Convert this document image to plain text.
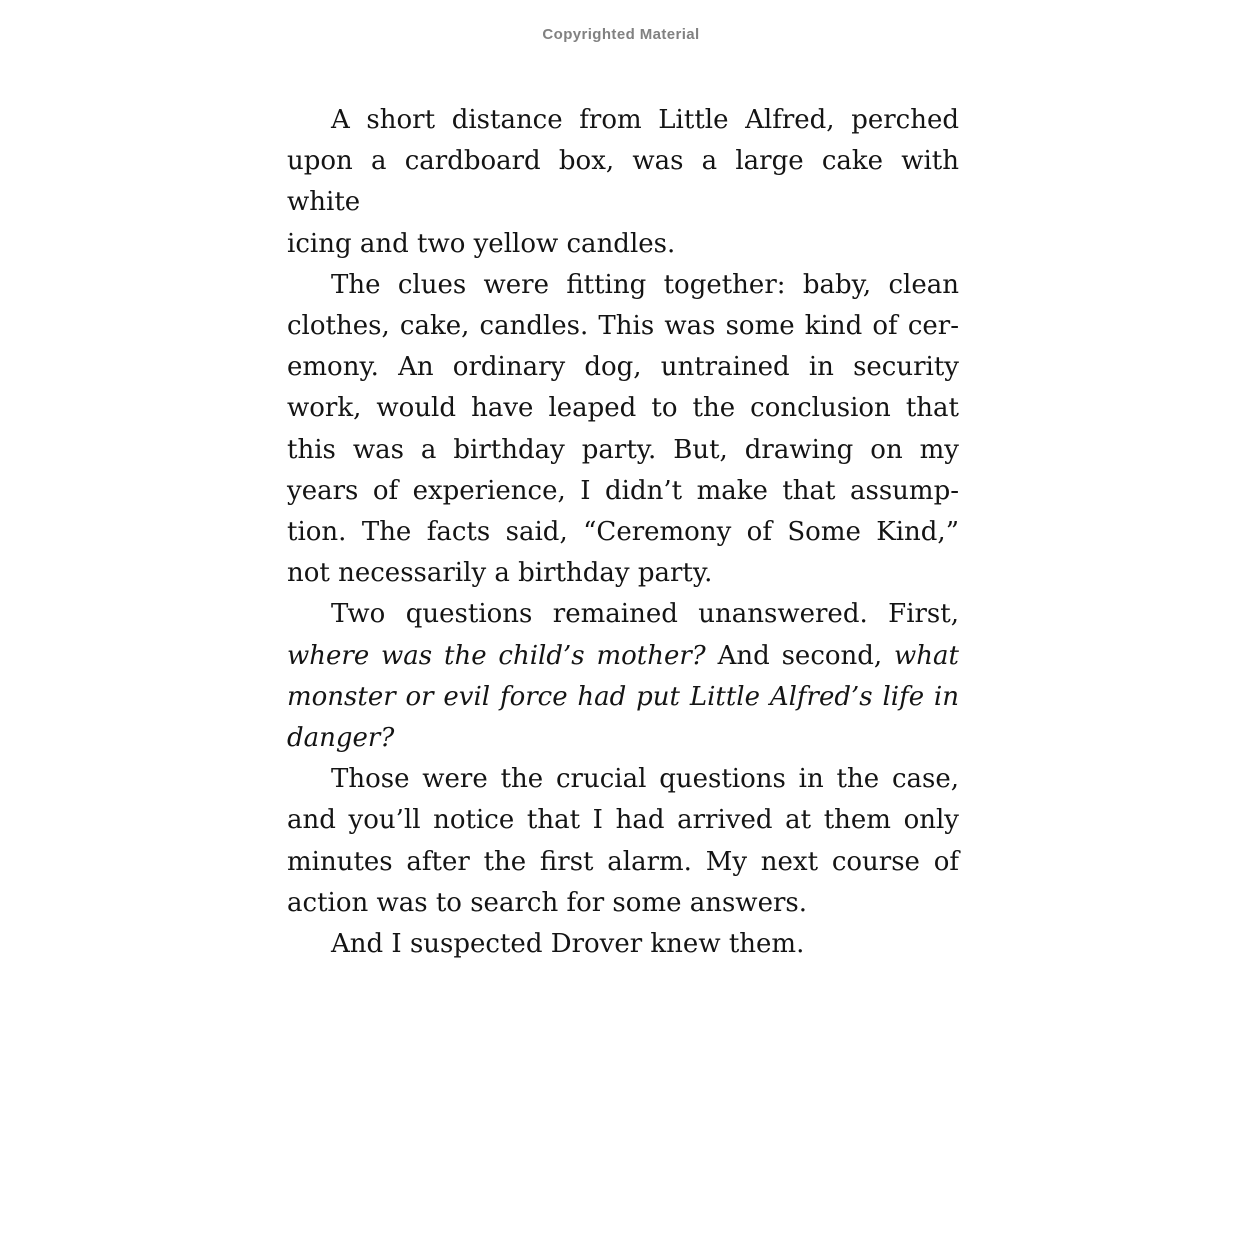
Copyrighted Material
A short distance from Little Alfred, perched
upon a cardboard box, was a large cake with white
icing and two yellow candles.
The clues were fitting together: baby, clean
clothes, cake, candles. This was some kind of cer-
emony. An ordinary dog, untrained in security
work, would have leaped to the conclusion that
this was a birthday party. But, drawing on my
years of experience, I didn’t make that assump-
tion. The facts said, “Ceremony of Some Kind,”
not necessarily a birthday party.
Two questions remained unanswered. First,
where was the child’s mother? And second, what
monster or evil force had put Little Alfred’s life in
danger?
Those were the crucial questions in the case,
and you’ll notice that I had arrived at them only
minutes after the first alarm. My next course of
action was to search for some answers.
And I suspected Drover knew them.
